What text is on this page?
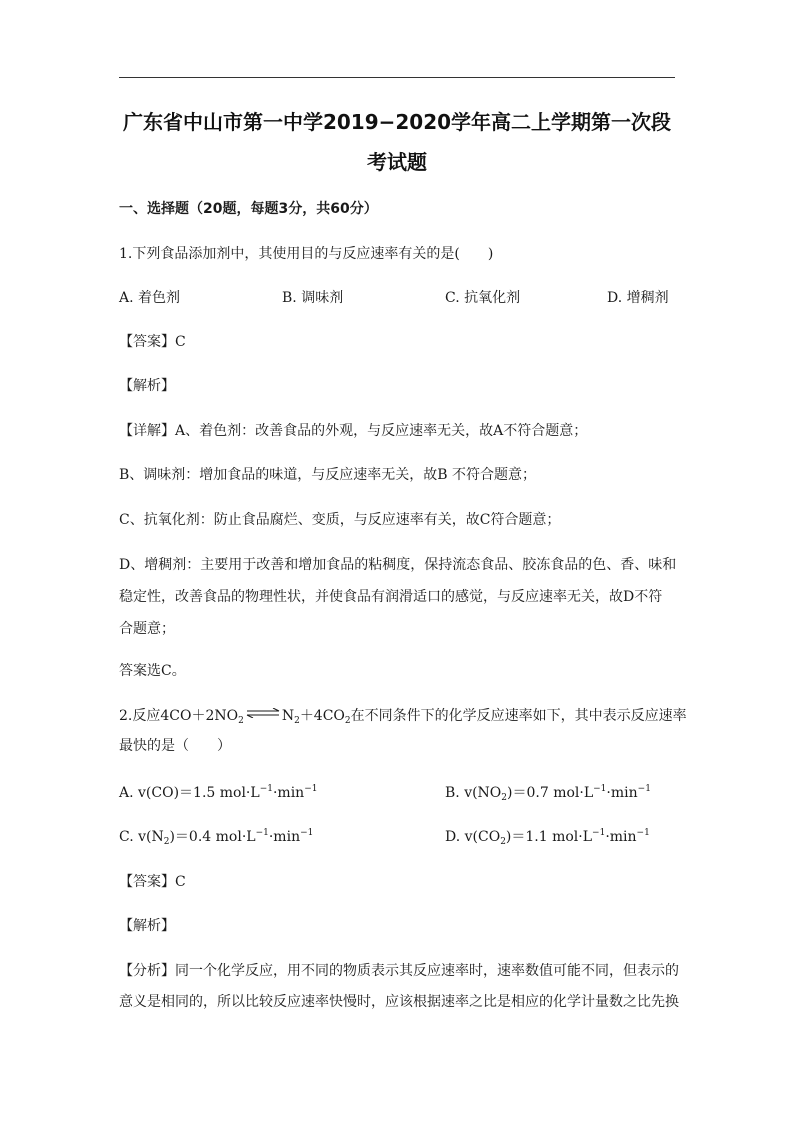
广东省中山市第一中学2019−2020学年高二上学期第一次段
考试题
一、选择题（20题，每题3分，共60分）
1.下列食品添加剂中，其使用目的与反应速率有关的是(　　)
A. 着色剂	B. 调味剂	C. 抗氧化剂	D. 增稠剂
【答案】C
【解析】
【详解】A、着色剂：改善食品的外观，与反应速率无关，故A不符合题意；
B、调味剂：增加食品的味道，与反应速率无关，故B 不符合题意；
C、抗氧化剂：防止食品腐烂、变质，与反应速率有关，故C符合题意；
D、增稠剂：主要用于改善和增加食品的粘稠度，保持流态食品、胶冻食品的色、香、味和
稳定性，改善食品的物理性状，并使食品有润滑适口的感觉，与反应速率无关，故D不符
合题意；
答案选C。
2.反应$4CO+2NO_2$ ⇌ $N_2+4CO_2$在不同条件下的化学反应速率如下，其中表示反应速率
最快的是（　　）
A. v(CO)＝1.5 $mol\cdot L^{-1}\cdot\min^{-1}$	B. $v(NO_2)=0.7$ $mol\cdot L^{-1}\cdot\min^{-1}$
C. $v(N_2)=0.4$ $mol\cdot L^{-1}\cdot\min^{-1}$	D. $v(CO_2)=1.1$ $mol\cdot L^{-1}\cdot\min^{-1}$
【答案】C
【解析】
【分析】同一个化学反应，用不同的物质表示其反应速率时，速率数值可能不同，但表示的
意义是相同的，所以比较反应速率快慢时，应该根据速率之比是相应的化学计量数之比先换
